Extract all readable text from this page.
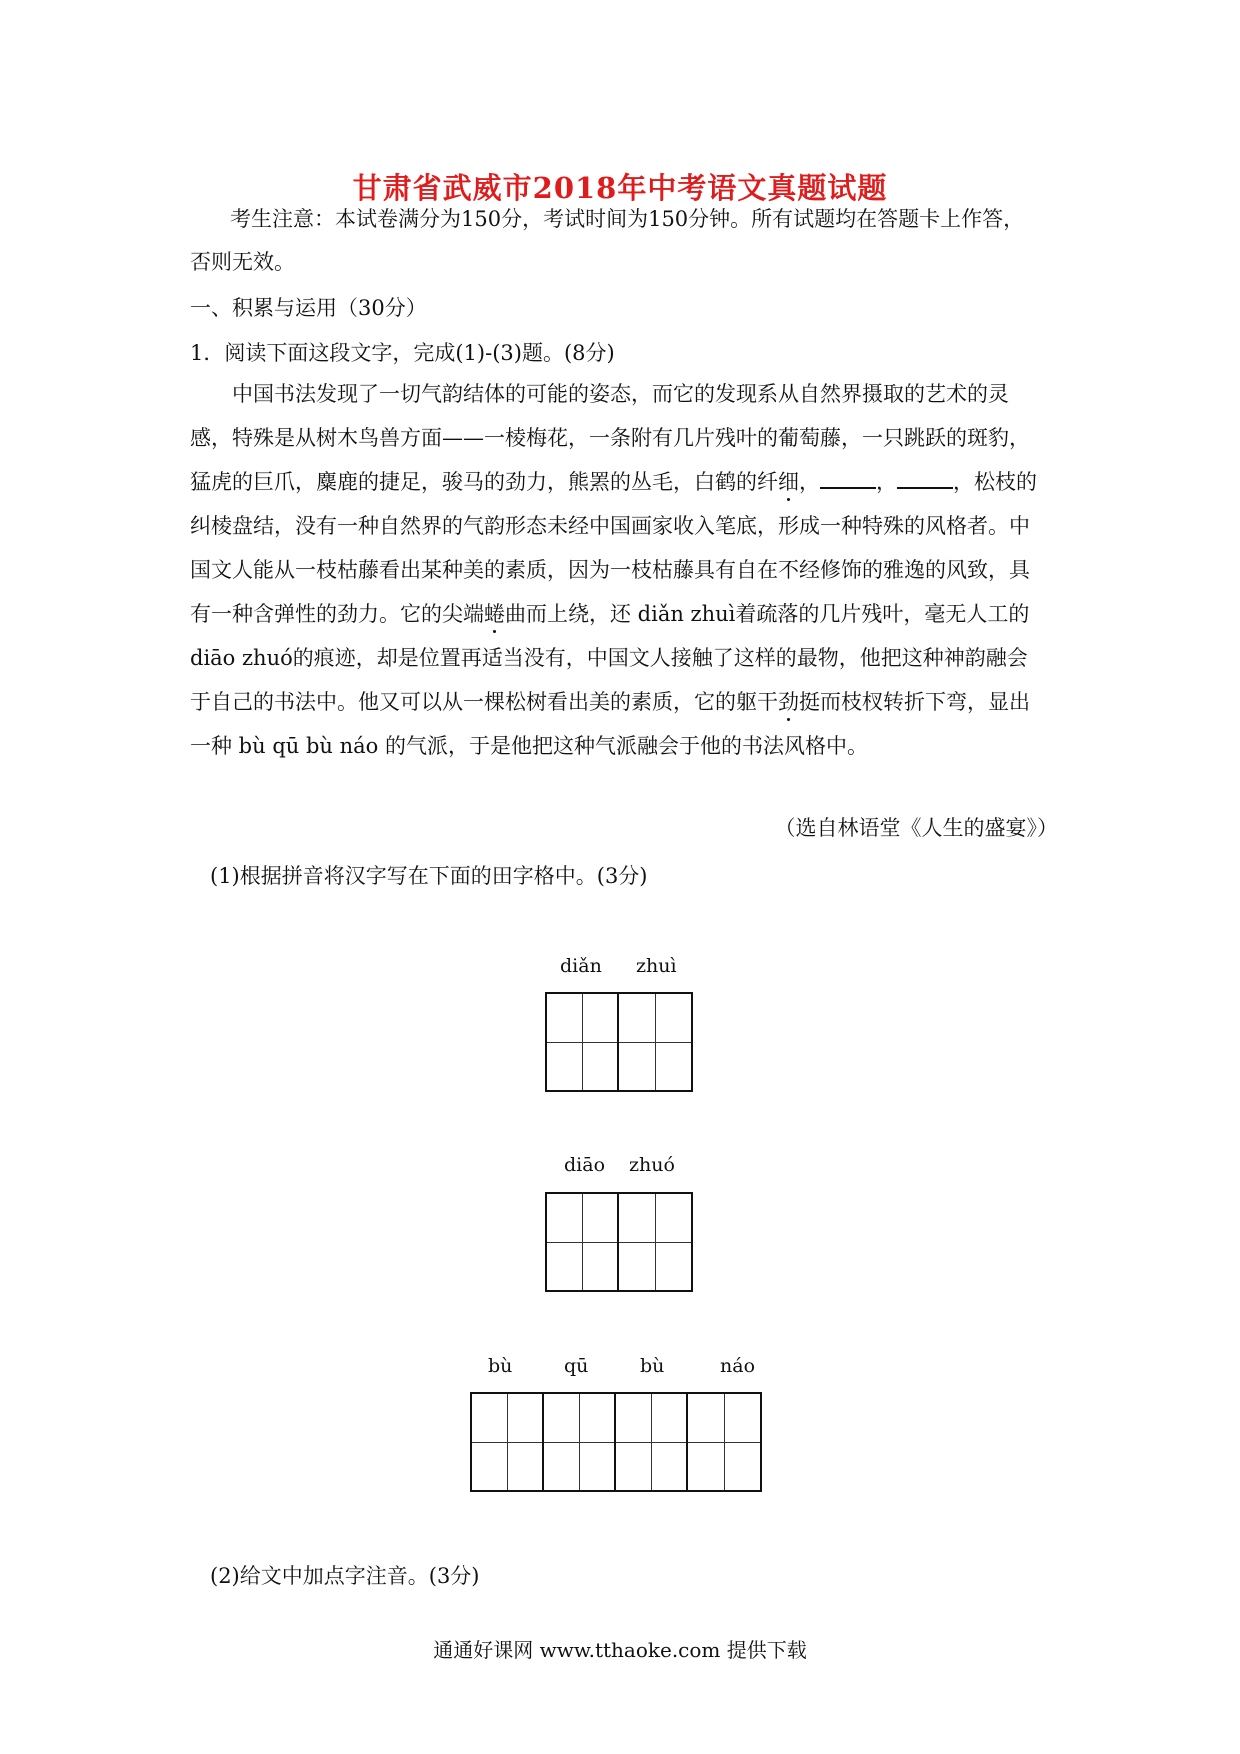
甘肃省武威市2018年中考语文真题试题
考生注意：本试卷满分为150分，考试时间为150分钟。所有试题均在答题卡上作答，
否则无效。
一、积累与运用（30分）
1．阅读下面这段文字，完成(1)-(3)题。(8分)
中国书法发现了一切气韵结体的可能的姿态，而它的发现系从自然界摄取的艺术的灵
感，特殊是从树木鸟兽方面——一棱梅花，一条附有几片残叶的葡萄藤，一只跳跃的斑豹，
猛虎的巨爪，麋鹿的捷足，骏马的劲力，熊罴的丛毛，白鹤的纤细，	，	，松枝的
纠棱盘结，没有一种自然界的气韵形态未经中国画家收入笔底，形成一种特殊的风格者。中
国文人能从一枝枯藤看出某种美的素质，因为一枝枯藤具有自在不经修饰的雅逸的风致，具
有一种含弹性的劲力。它的尖端蜷曲而上绕，还 diǎn zhuì着疏落的几片残叶，毫无人工的
diāo zhuó的痕迹，却是位置再适当没有，中国文人接触了这样的最物，他把这种神韵融会
于自己的书法中。他又可以从一棵松树看出美的素质，它的躯干劲挺而枝杈转折下弯，显出
一种 bù qū bù náo 的气派，于是他把这种气派融会于他的书法风格中。
（选自林语堂《人生的盛宴》）
(1)根据拼音将汉字写在下面的田字格中。(3分)
diǎn zhuì
diāo zhuó
bù	qū	bù	náo
(2)给文中加点字注音。(3分)
通通好课网 www.tthaoke.com 提供下载
